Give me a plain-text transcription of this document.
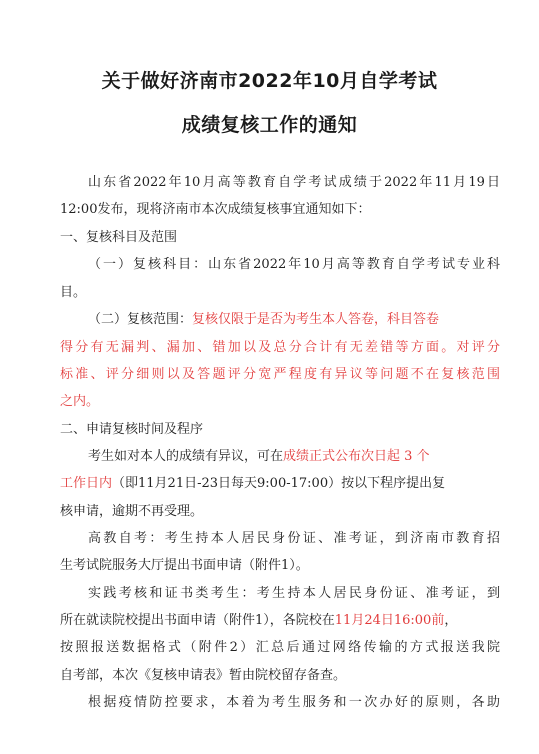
关于做好济南市2022年10月自学考试
成绩复核工作的通知
山东省2022年10月高等教育自学考试成绩于2022年11月19日
12:00发布，现将济南市本次成绩复核事宜通知如下：
一、复核科目及范围
（一）复核科目：山东省2022年10月高等教育自学考试专业科
目。
（二）复核范围：复核仅限于是否为考生本人答卷，科目答卷
得分有无漏判、漏加、错加以及总分合计有无差错等方面。对评分
标准、评分细则以及答题评分宽严程度有异议等问题不在复核范围
之内。
二、申请复核时间及程序
考生如对本人的成绩有异议，可在成绩正式公布次日起 3 个
工作日内（即11月21日-23日每天9:00-17:00）按以下程序提出复
核申请，逾期不再受理。
高教自考：考生持本人居民身份证、准考证，到济南市教育招
生考试院服务大厅提出书面申请（附件1）。
实践考核和证书类考生：考生持本人居民身份证、准考证，到
所在就读院校提出书面申请（附件1），各院校在11月24日16:00前，
按照报送数据格式（附件2）汇总后通过网络传输的方式报送我院
自考部，本次《复核申请表》暂由院校留存备查。
根据疫情防控要求，本着为考生服务和一次办好的原则，各助
